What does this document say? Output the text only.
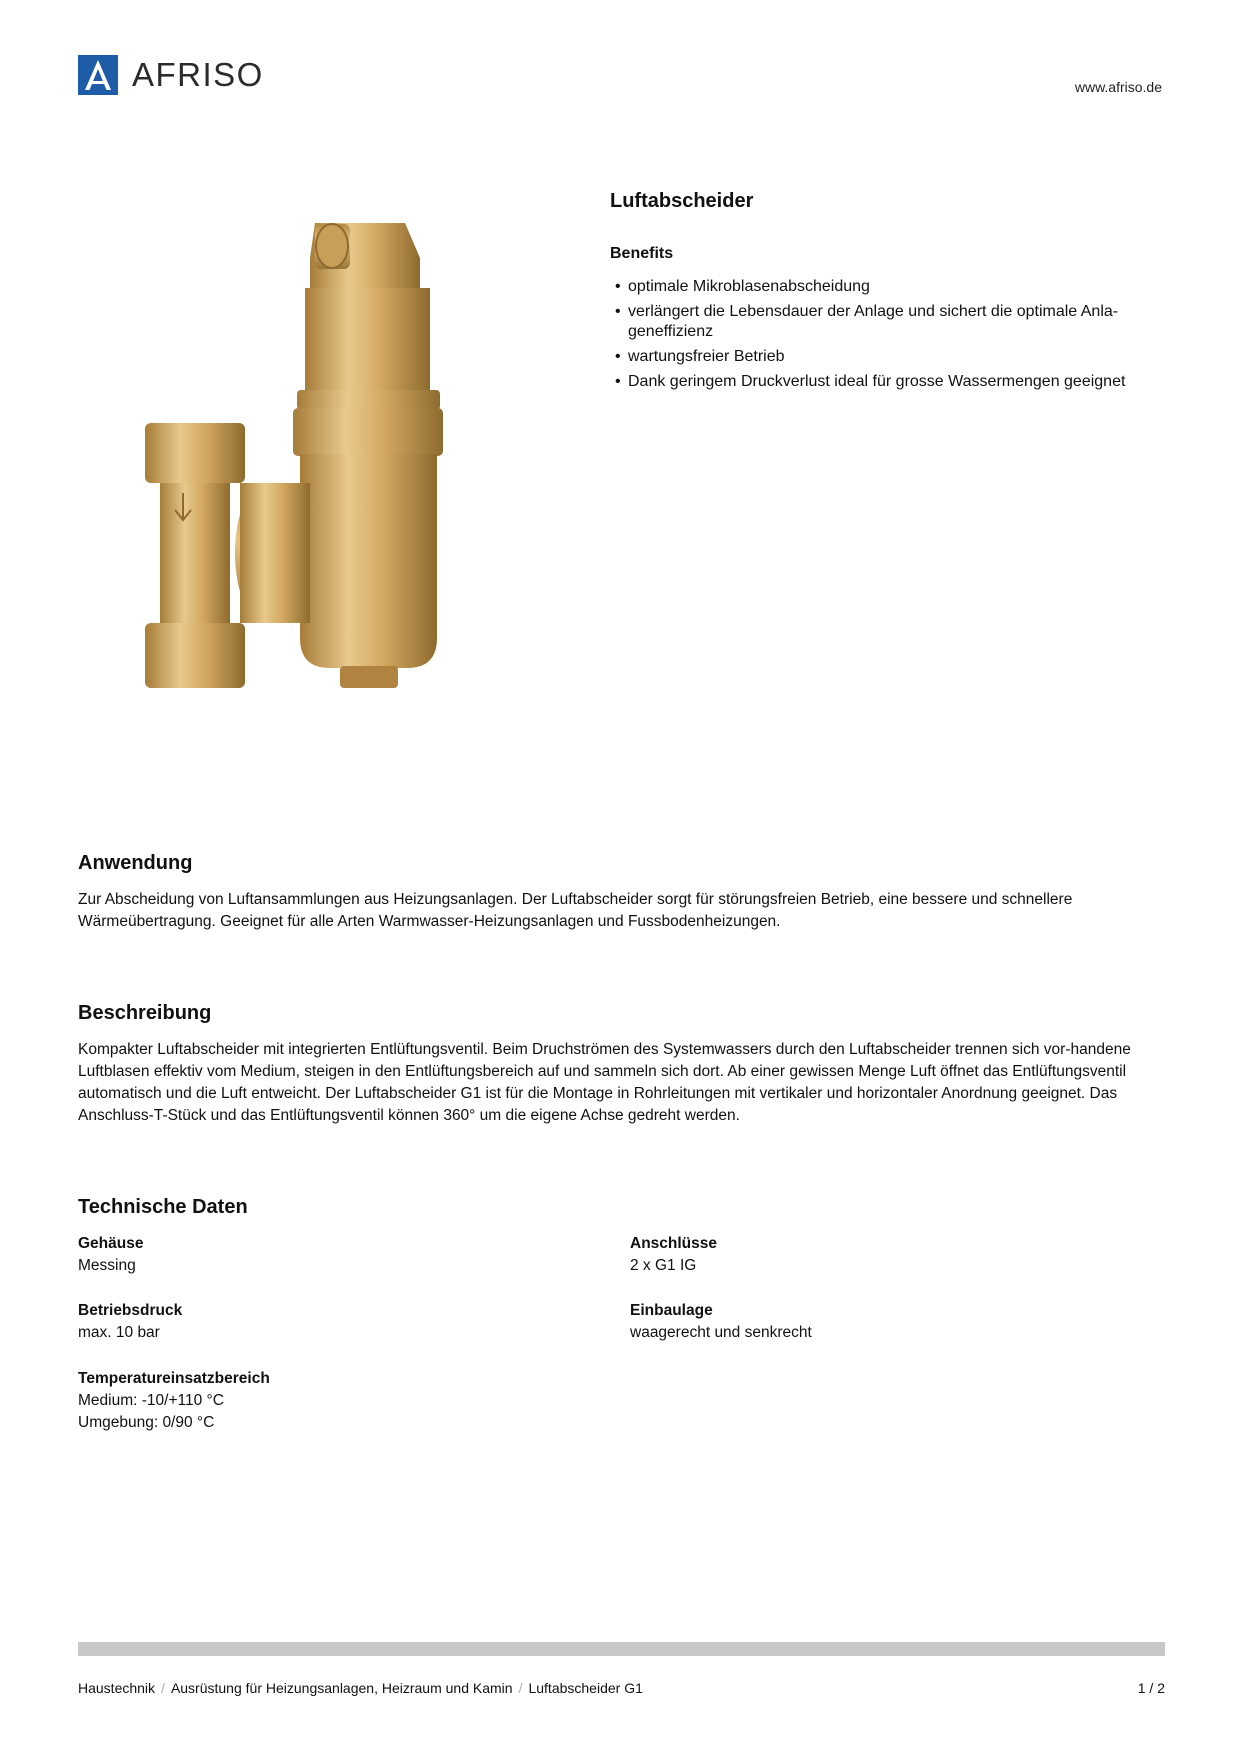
AFRISO	www.afriso.de
Luftabscheider
Benefits
• optimale Mikroblasenabscheidung
• verlängert die Lebensdauer der Anlage und sichert die optimale Anla-geneffizienz
• wartungsfreier Betrieb
• Dank geringem Druckverlust ideal für grosse Wassermengen geeignet
Anwendung

Zur Abscheidung von Luftansammlungen aus Heizungsanlagen. Der Luftabscheider sorgt für störungsfreien Betrieb, eine bessere und schnellere Wärmeübertragung. Geeignet für alle Arten Warmwasser-Heizungsanlagen und Fussbodenheizungen.

Beschreibung

Kompakter Luftabscheider mit integrierten Entlüftungsventil. Beim Druchströmen des Systemwassers durch den Luftabscheider trennen sich vor-handene Luftblasen effektiv vom Medium, steigen in den Entlüftungsbereich auf und sammeln sich dort. Ab einer gewissen Menge Luft öffnet das Entlüftungsventil automatisch und die Luft entweicht. Der Luftabscheider G1 ist für die Montage in Rohrleitungen mit vertikaler und horizontaler Anordnung geeignet. Das Anschluss-T-Stück und das Entlüftungsventil können 360° um die eigene Achse gedreht werden.

Technische Daten
Gehäuse
Messing
Anschlüsse
2 x G1 IG
Betriebsdruck
max. 10 bar
Einbaulage
waagerecht und senkrecht
Temperatureinsatzbereich
Medium: -10/+110 °C
Umgebung: 0/90 °C
Haustechnik / Ausrüstung für Heizungsanlagen, Heizraum und Kamin / Luftabscheider G1	1 / 2
